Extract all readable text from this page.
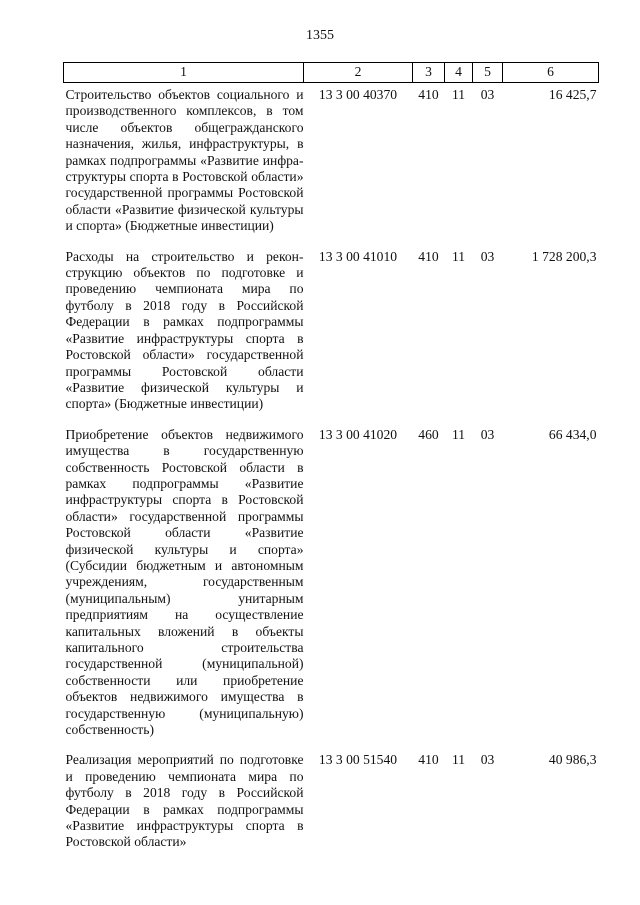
1355
1	2	3	4	5	6
Строительство объектов социального и производственного комплексов, в том числе объектов общегражданского назначения, жилья, инфраструктуры, в рамках подпрограммы «Развитие инфраструктуры спорта в Ростовской области» государственной программы Ростовской области «Развитие физической культуры и спорта» (Бюджетные инвестиции)	13 3 00 40370	410	11	03	16 425,7
Расходы на строительство и реконструкцию объектов по подготовке и проведению чемпионата мира по футболу в 2018 году в Российской Федерации в рамках подпрограммы «Развитие инфраструктуры спорта в Ростовской области» государственной программы Ростовской области «Развитие физической культуры и спорта» (Бюджетные инвестиции)	13 3 00 41010	410	11	03	1 728 200,3
Приобретение объектов недвижимого имущества в государственную собственность Ростовской области в рамках подпрограммы «Развитие инфраструктуры спорта в Ростовской области» государственной программы Ростовской области «Развитие физической культуры и спорта» (Субсидии бюджетным и автономным учреждениям, государственным (муниципальным) унитарным предприятиям на осуществление капитальных вложений в объекты капитального строительства государственной (муниципальной) собственности или приобретение объектов недвижимого имущества в государственную (муниципальную) собственность)	13 3 00 41020	460	11	03	66 434,0
Реализация мероприятий по подготовке и проведению чемпионата мира по футболу в 2018 году в Российской Федерации в рамках подпрограммы «Развитие инфраструктуры спорта в Ростовской области»	13 3 00 51540	410	11	03	40 986,3
